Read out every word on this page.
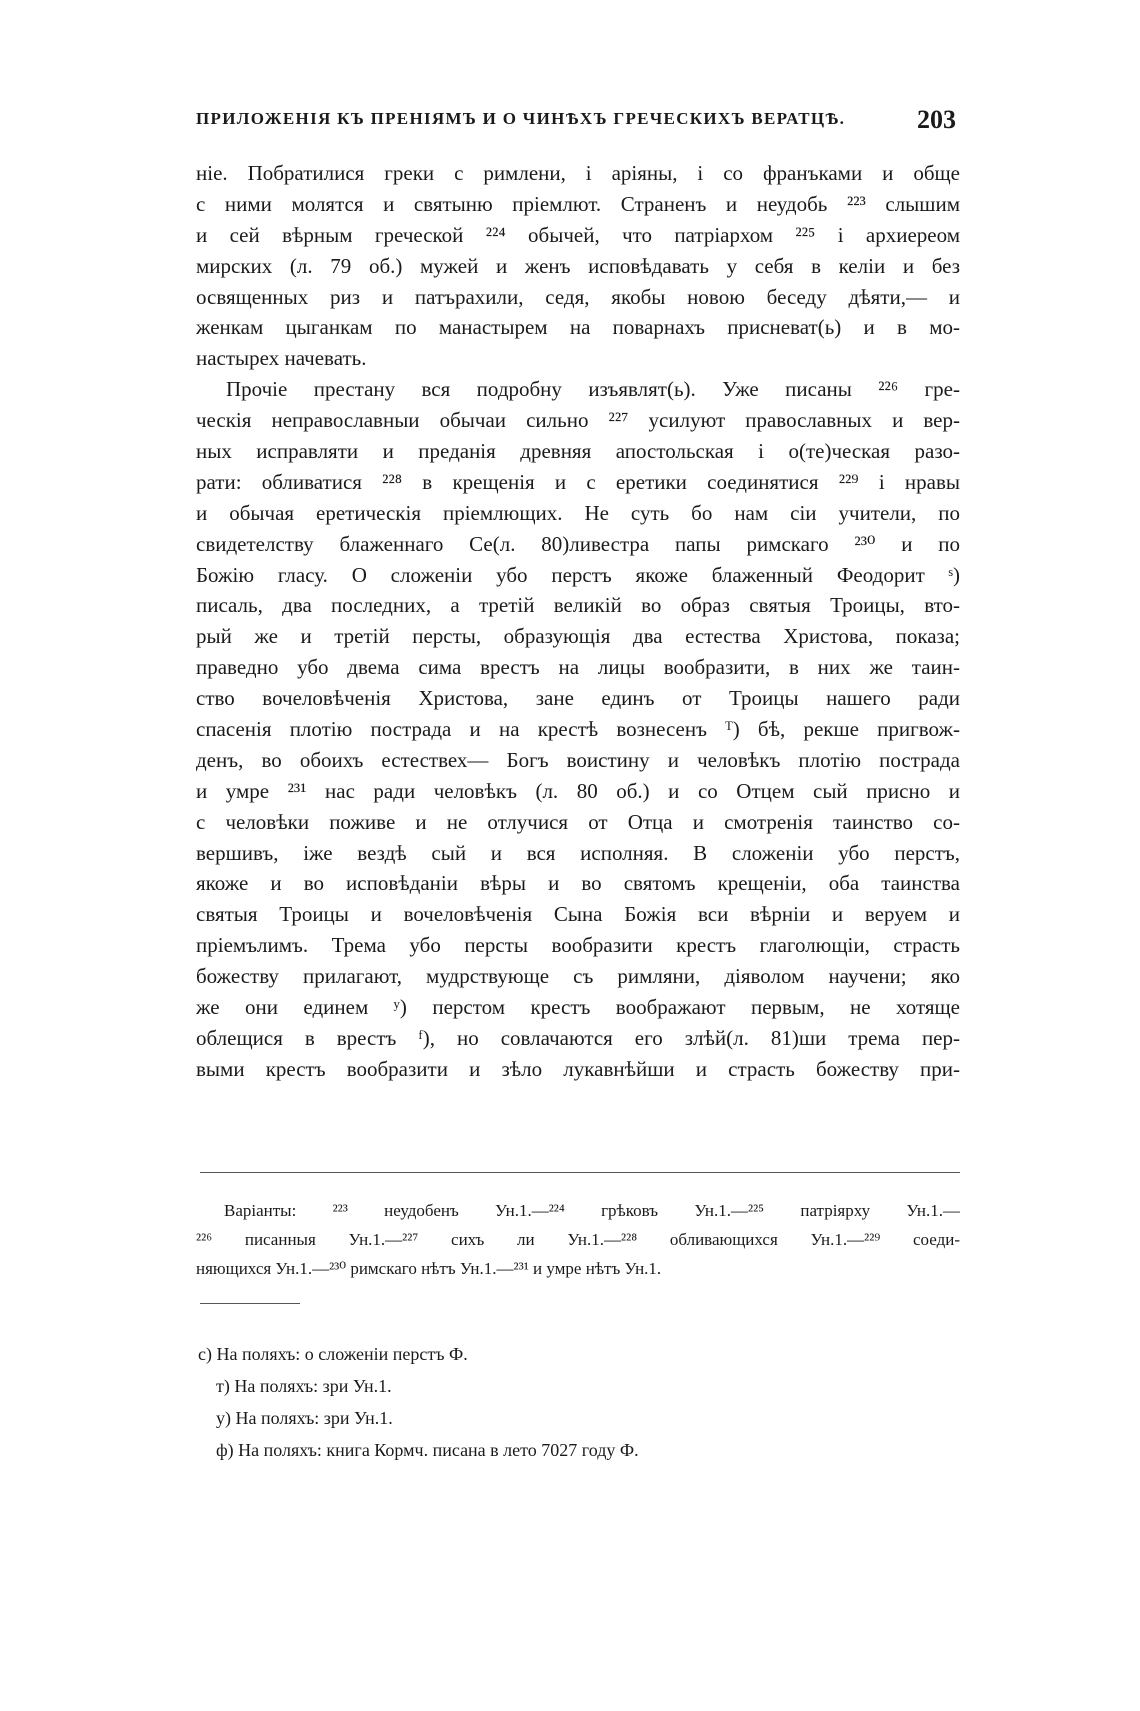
ПРИЛОЖЕНІЯ КЪ ПРЕНІЯМЪ И О ЧИНѢХЪ ГРЕЧЕСКИХЪ ВЕРАТЦѢ.	203
ніе. Побратилися греки с римлени, і аріяны, і со франъками и обще
с ними молятся и святыню пріемлют. Страненъ и неудобь ²²³ слышим
и сей вѣрным греческой ²²⁴ обычей, что патріархом ²²⁵ і архиереом
мирских (л. 79 об.) мужей и женъ исповѣдавать у себя в келіи и без
освященных риз и патърахили, седя, якобы новою беседу дѣяти,— и
женкам цыганкам по манастырем на поварнахъ присневат(ь) и в мо-
настырех начевать.
Прочіе престану вся подробну изъявлят(ь). Уже писаны ²²⁶ гре-
ческія неправославныи обычаи сильно ²²⁷ усилуют православных и вер-
ных исправляти и преданія древняя апостольская і о(те)ческая разо-
рати: обливатися ²²⁸ в крещенія и с еретики соединятися ²²⁹ і нравы
и обычая еретическія пріемлющих. Не суть бо нам сіи учители, по
свидетелству блаженнаго Се(л. 80)ливестра папы римскаго ²³⁰ и по
Божію гласу. О сложеніи убо перстъ якоже блаженный Феодорит ˢ)
писаль, два последних, а третій великій во образ святыя Троицы, вто-
рый же и третій персты, образующія два естества Христова, показа;
праведно убо двема сима врестъ на лицы вообразити, в них же таин-
ство вочеловѣченія Христова, зане единъ от Троицы нашего ради
спасенія плотію пострада и на крестѣ вознесенъ ᵀ) бѣ, рекше пригвож-
денъ, во обоихъ естествех— Богъ воистину и человѣкъ плотію пострада
и умре ²³¹ нас ради человѣкъ (л. 80 об.) и со Отцем сый присно и
с человѣки поживе и не отлучися от Отца и смотренія таинство со-
вершивъ, іже вездѣ сый и вся исполняя. В сложеніи убо перстъ,
якоже и во исповѣданіи вѣры и во святомъ крещеніи, оба таинства
святыя Троицы и вочеловѣченія Сына Божія вси вѣрніи и веруем и
пріемълимъ. Трема убо персты вообразити крестъ глаголющіи, страсть
божеству прилагают, мудрствующе съ римляни, діяволом научени; яко
же они единем ʸ) перстом крестъ воображают первым, не хотяще
облещися в врестъ ᶠ), но совлачаются его злѣй(л. 81)ши трема пер-
выми крестъ вообразити и зѣло лукавнѣйши и страсть божеству при-
Варіанты: ²²³ неудобенъ Ун.1.—²²⁴ грѣковъ Ун.1.—²²⁵ патріярху Ун.1.—
²²⁶ писанныя Ун.1.—²²⁷ сихъ ли Ун.1.—²²⁸ обливающихся Ун.1.—²²⁹ соеди-
няющихся Ун.1.—²³⁰ римскаго нѣтъ Ун.1.—²³¹ и умре нѣтъ Ун.1.
с) На поляхъ: о сложеніи перстъ Ф.
т) На поляхъ: зри Ун.1.
у) На поляхъ: зри Ун.1.
ф) На поляхъ: книга Кормч. писана в лето 7027 году Ф.
